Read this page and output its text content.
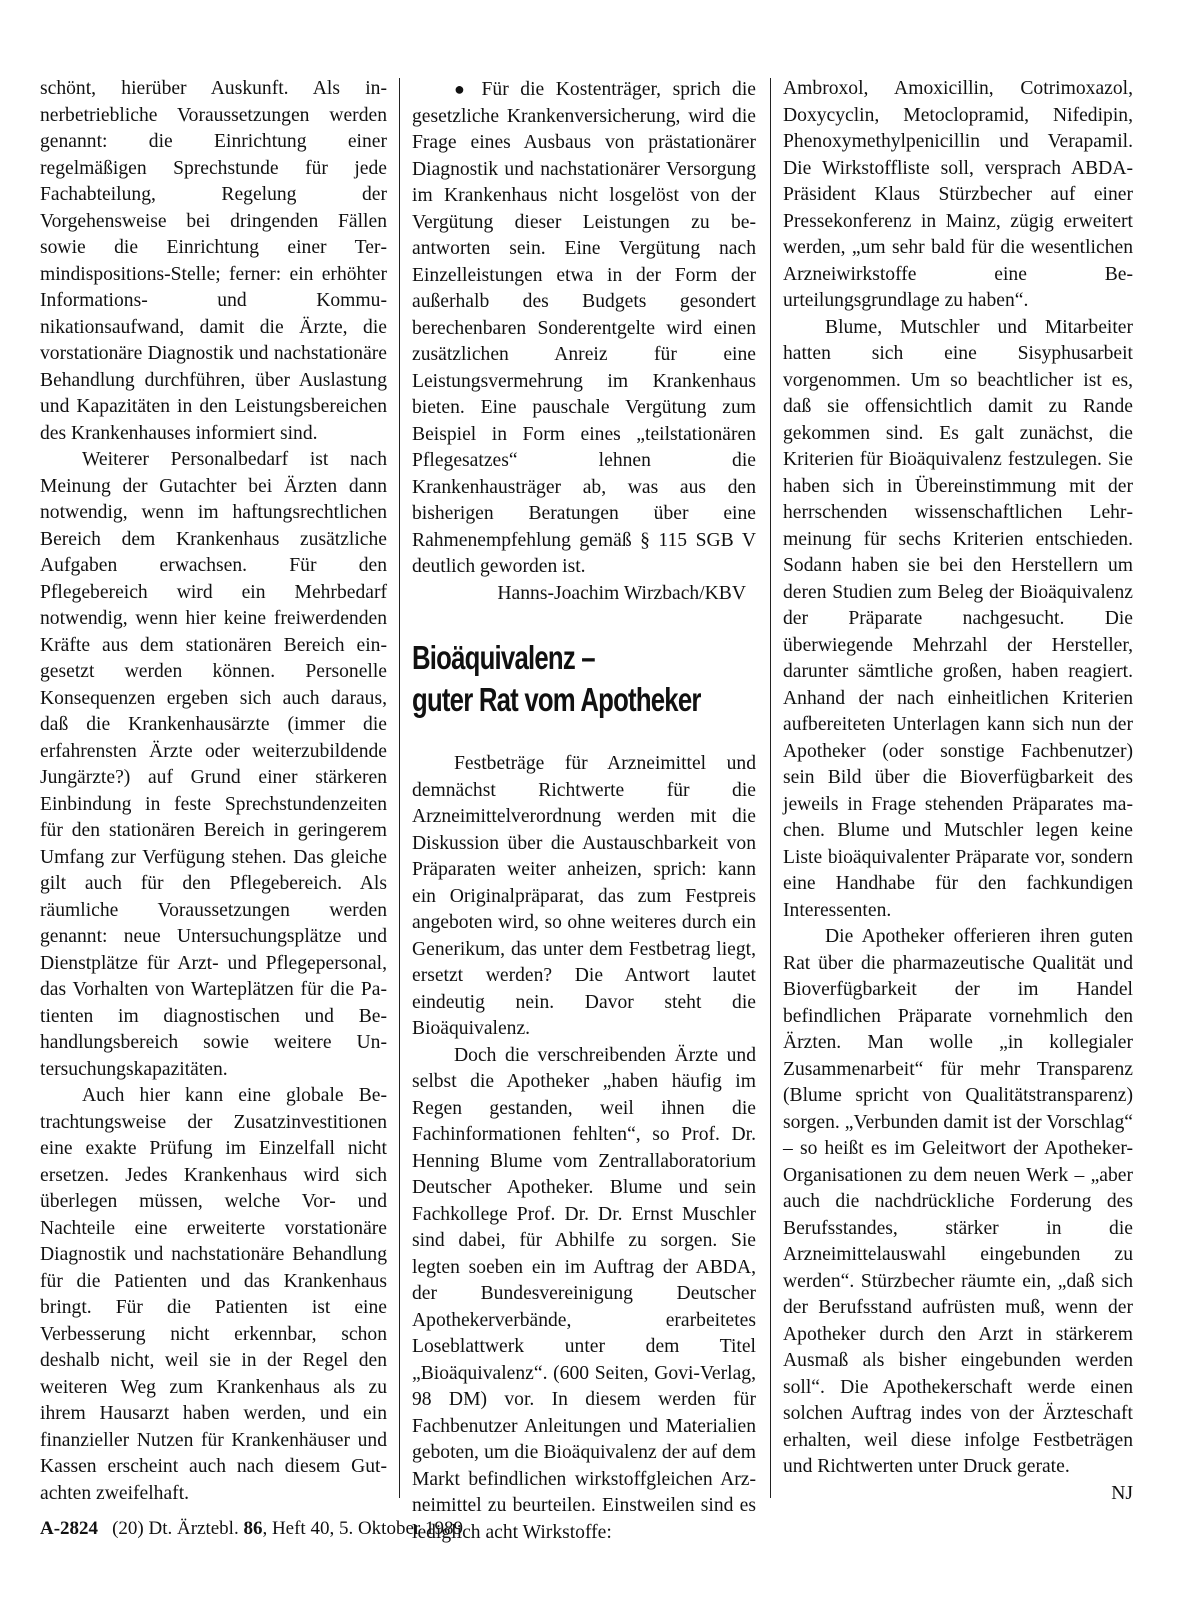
schönt, hierüber Auskunft. Als innerbetriebliche Voraussetzungen werden genannt: die Einrichtung einer regelmäßigen Sprechstunde für jede Fachabteilung, Regelung der Vorgehensweise bei dringenden Fällen sowie die Einrichtung einer Termindispositions-Stelle; ferner: ein erhöhter Informations- und Kommunikationsaufwand, damit die Ärzte, die vorstationäre Diagnostik und nachstationäre Behandlung durchführen, über Auslastung und Kapazitäten in den Leistungsbereichen des Krankenhauses informiert sind.

Weiterer Personalbedarf ist nach Meinung der Gutachter bei Ärzten dann notwendig, wenn im haftungsrechtlichen Bereich dem Krankenhaus zusätzliche Aufgaben erwachsen. Für den Pflegebereich wird ein Mehrbedarf notwendig, wenn hier keine freiwerdenden Kräfte aus dem stationären Bereich eingesetzt werden können. Personelle Konsequenzen ergeben sich auch daraus, daß die Krankenhausärzte (immer die erfahrensten Ärzte oder weiterzubildende Jungärzte?) auf Grund einer stärkeren Einbindung in feste Sprechstundenzeiten für den stationären Bereich in geringerem Umfang zur Verfügung stehen. Das gleiche gilt auch für den Pflegebereich. Als räumliche Voraussetzungen werden genannt: neue Untersuchungsplätze und Dienstplätze für Arzt- und Pflegepersonal, das Vorhalten von Warteplätzen für die Patienten im diagnostischen und Behandlungsbereich sowie weitere Untersuchungskapazitäten.

Auch hier kann eine globale Betrachtungsweise der Zusatzinvestitionen eine exakte Prüfung im Einzelfall nicht ersetzen. Jedes Krankenhaus wird sich überlegen müssen, welche Vor- und Nachteile eine erweiterte vorstationäre Diagnostik und nachstationäre Behandlung für die Patienten und das Krankenhaus bringt. Für die Patienten ist eine Verbesserung nicht erkennbar, schon deshalb nicht, weil sie in der Regel den weiteren Weg zum Krankenhaus als zu ihrem Hausarzt haben werden, und ein finanzieller Nutzen für Krankenhäuser und Kassen erscheint auch nach diesem Gutachten zweifelhaft.

● Für die Kostenträger, sprich die gesetzliche Krankenversicherung, wird die Frage eines Ausbaus von prästationärer Diagnostik und nachstationärer Versorgung im Krankenhaus nicht losgelöst von der Vergütung dieser Leistungen zu beantworten sein. Eine Vergütung nach Einzelleistungen etwa in der Form der außerhalb des Budgets gesondert berechenbaren Sonderentgelte wird einen zusätzlichen Anreiz für eine Leistungsvermehrung im Krankenhaus bieten. Eine pauschale Vergütung zum Beispiel in Form eines „teilstationären Pflegesatzes“ lehnen die Krankenhausträger ab, was aus den bisherigen Beratungen über eine Rahmenempfehlung gemäß § 115 SGB V deutlich geworden ist.

Hanns-Joachim Wirzbach/KBV

Bioäquivalenz –
guter Rat vom Apotheker

Festbeträge für Arzneimittel und demnächst Richtwerte für die Arzneimittelverordnung werden mit die Diskussion über die Austauschbarkeit von Präparaten weiter anheizen, sprich: kann ein Originalpräparat, das zum Festpreis angeboten wird, so ohne weiteres durch ein Generikum, das unter dem Festbetrag liegt, ersetzt werden? Die Antwort lautet eindeutig nein. Davor steht die Bioäquivalenz.

Doch die verschreibenden Ärzte und selbst die Apotheker „haben häufig im Regen gestanden, weil ihnen die Fachinformationen fehlten“, so Prof. Dr. Henning Blume vom Zentrallaboratorium Deutscher Apotheker. Blume und sein Fachkollege Prof. Dr. Dr. Ernst Muschler sind dabei, für Abhilfe zu sorgen. Sie legten soeben ein im Auftrag der ABDA, der Bundesvereinigung Deutscher Apothekerverbände, erarbeitetes Loseblattwerk unter dem Titel „Bioäquivalenz“. (600 Seiten, Govi-Verlag, 98 DM) vor. In diesem werden für Fachbenutzer Anleitungen und Materialien geboten, um die Bioäquivalenz der auf dem Markt befindlichen wirkstoffgleichen Arzneimittel zu beurteilen. Einstweilen sind es lediglich acht Wirkstoffe:

Ambroxol, Amoxicillin, Cotrimoxazol, Doxycyclin, Metoclopramid, Nifedipin, Phenoxymethylpenicillin und Verapamil. Die Wirkstoffliste soll, versprach ABDA-Präsident Klaus Stürzbecher auf einer Pressekonferenz in Mainz, zügig erweitert werden, „um sehr bald für die wesentlichen Arzneiwirkstoffe eine Beurteilungsgrundlage zu haben“.

Blume, Mutschler und Mitarbeiter hatten sich eine Sisyphusarbeit vorgenommen. Um so beachtlicher ist es, daß sie offensichtlich damit zu Rande gekommen sind. Es galt zunächst, die Kriterien für Bioäquivalenz festzulegen. Sie haben sich in Übereinstimmung mit der herrschenden wissenschaftlichen Lehrmeinung für sechs Kriterien entschieden. Sodann haben sie bei den Herstellern um deren Studien zum Beleg der Bioäquivalenz der Präparate nachgesucht. Die überwiegende Mehrzahl der Hersteller, darunter sämtliche großen, haben reagiert. Anhand der nach einheitlichen Kriterien aufbereiteten Unterlagen kann sich nun der Apotheker (oder sonstige Fachbenutzer) sein Bild über die Bioverfügbarkeit des jeweils in Frage stehenden Präparates machen. Blume und Mutschler legen keine Liste bioäquivalenter Präparate vor, sondern eine Handhabe für den fachkundigen Interessenten.

Die Apotheker offerieren ihren guten Rat über die pharmazeutische Qualität und Bioverfügbarkeit der im Handel befindlichen Präparate vornehmlich den Ärzten. Man wolle „in kollegialer Zusammenarbeit“ für mehr Transparenz (Blume spricht von Qualitätstransparenz) sorgen. „Verbunden damit ist der Vorschlag“ – so heißt es im Geleitwort der Apotheker-Organisationen zu dem neuen Werk – „aber auch die nachdrückliche Forderung des Berufsstandes, stärker in die Arzneimittelauswahl eingebunden zu werden“. Stürzbecher räumte ein, „daß sich der Berufsstand aufrüsten muß, wenn der Apotheker durch den Arzt in stärkerem Ausmaß als bisher eingebunden werden soll“. Die Apothekerschaft werde einen solchen Auftrag indes von der Ärzteschaft erhalten, weil diese infolge Festbeträgen und Richtwerten unter Druck gerate.

NJ
A-2824 (20) Dt. Ärztebl. 86, Heft 40, 5. Oktober 1989
